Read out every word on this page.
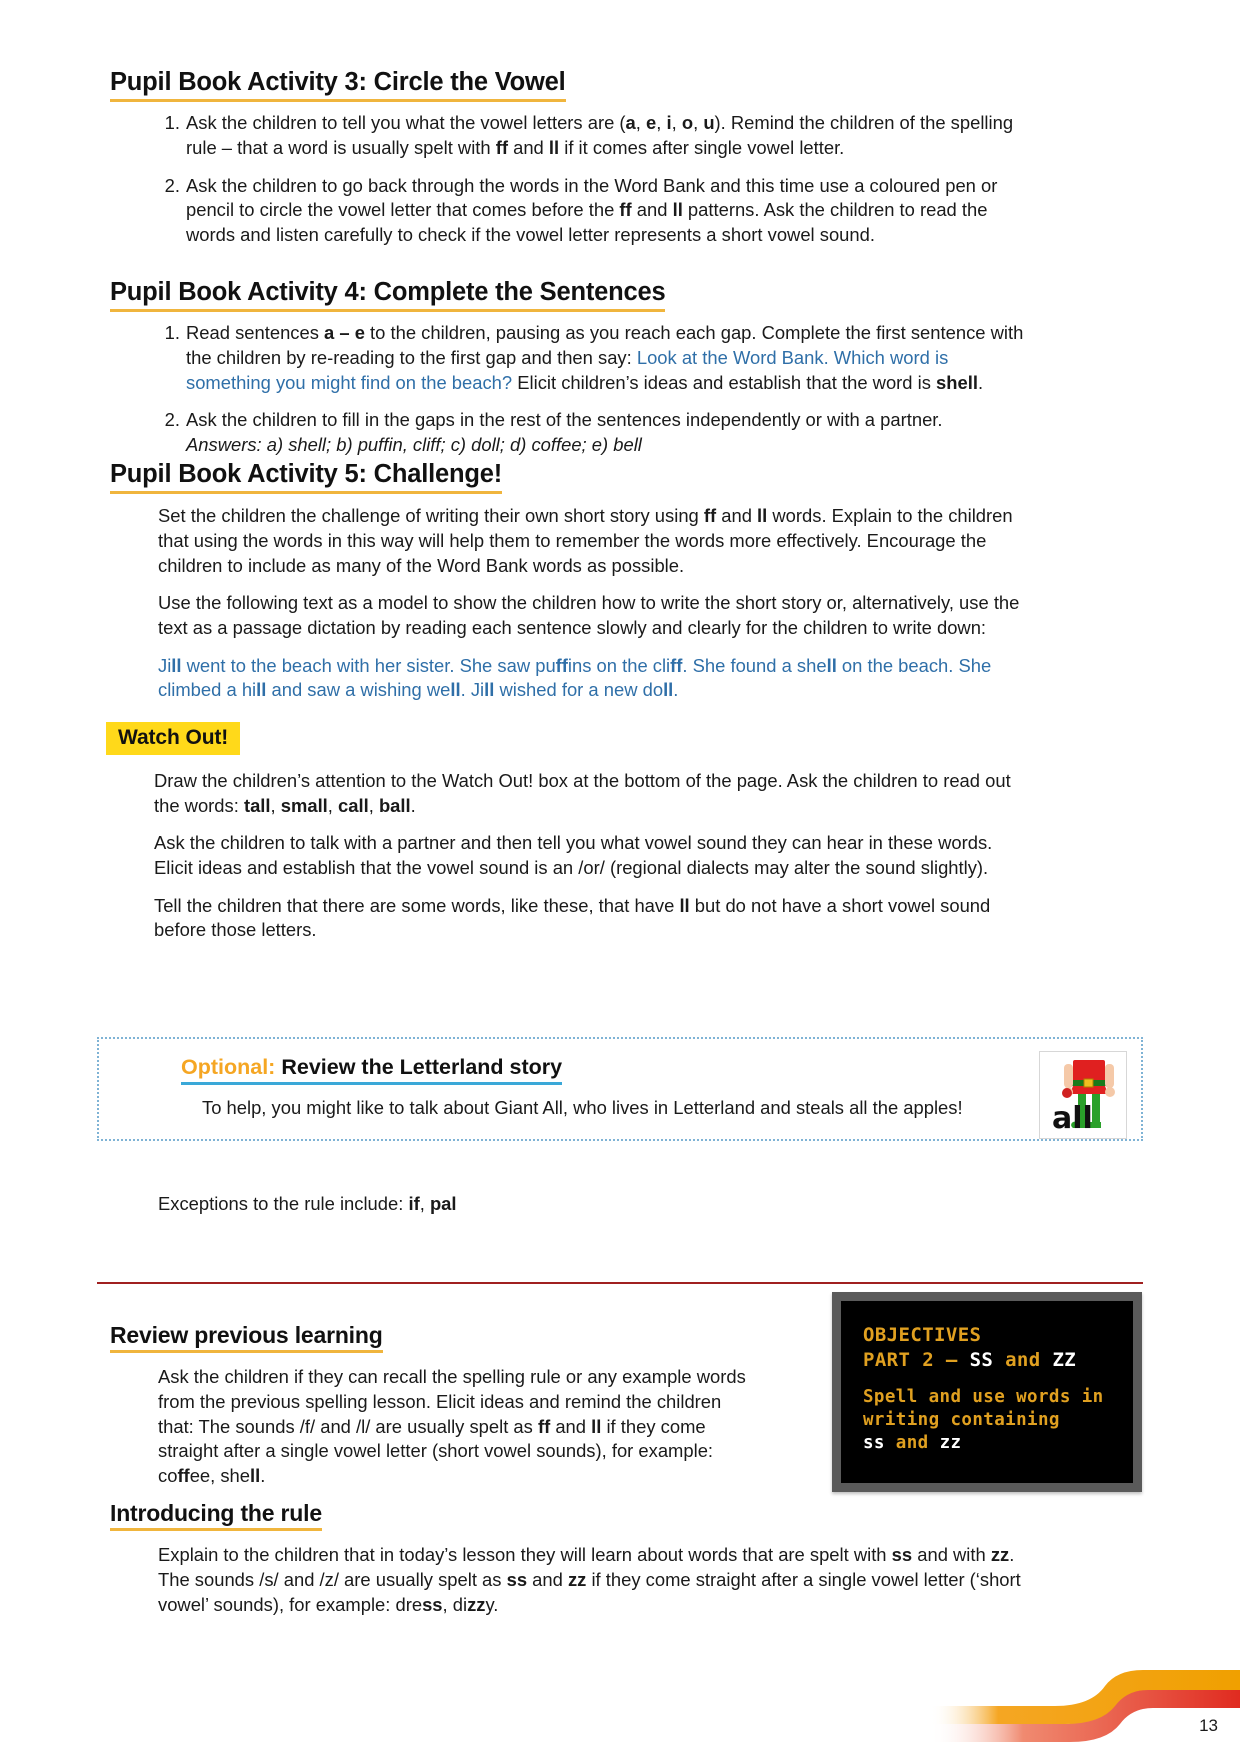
Pupil Book Activity 3: Circle the Vowel
1. Ask the children to tell you what the vowel letters are (a, e, i, o, u). Remind the children of the spelling rule – that a word is usually spelt with ff and ll if it comes after single vowel letter.
2. Ask the children to go back through the words in the Word Bank and this time use a coloured pen or pencil to circle the vowel letter that comes before the ff and ll patterns. Ask the children to read the words and listen carefully to check if the vowel letter represents a short vowel sound.
Pupil Book Activity 4: Complete the Sentences
1. Read sentences a – e to the children, pausing as you reach each gap. Complete the first sentence with the children by re-reading to the first gap and then say: Look at the Word Bank. Which word is something you might find on the beach? Elicit children’s ideas and establish that the word is shell.
2. Ask the children to fill in the gaps in the rest of the sentences independently or with a partner.
Answers: a) shell; b) puffin, cliff; c) doll; d) coffee; e) bell
Pupil Book Activity 5: Challenge!

Set the children the challenge of writing their own short story using ff and ll words. Explain to the children that using the words in this way will help them to remember the words more effectively. Encourage the children to include as many of the Word Bank words as possible.

Use the following text as a model to show the children how to write the short story or, alternatively, use the text as a passage dictation by reading each sentence slowly and clearly for the children to write down:

Jill went to the beach with her sister. She saw puffins on the cliff. She found a shell on the beach. She climbed a hill and saw a wishing well. Jill wished for a new doll.

Watch Out!

Draw the children’s attention to the Watch Out! box at the bottom of the page. Ask the children to read out the words: tall, small, call, ball.

Ask the children to talk with a partner and then tell you what vowel sound they can hear in these words. Elicit ideas and establish that the vowel sound is an /or/ (regional dialects may alter the sound slightly).

Tell the children that there are some words, like these, that have ll but do not have a short vowel sound before those letters.

Optional: Review the Letterland story
To help, you might like to talk about Giant All, who lives in Letterland and steals all the apples!	all
Exceptions to the rule include: if, pal
OBJECTIVES
PART 2 – SS and ZZ
Spell and use words in
writing containing
ss and zz
Review previous learning

Ask the children if they can recall the spelling rule or any example words from the previous spelling lesson. Elicit ideas and remind the children that: The sounds /f/ and /l/ are usually spelt as ff and ll if they come straight after a single vowel letter (short vowel sounds), for example: coffee, shell.

Introducing the rule

Explain to the children that in today’s lesson they will learn about words that are spelt with ss and with zz. The sounds /s/ and /z/ are usually spelt as ss and zz if they come straight after a single vowel letter (‘short vowel’ sounds), for example: dress, dizzy.

13
